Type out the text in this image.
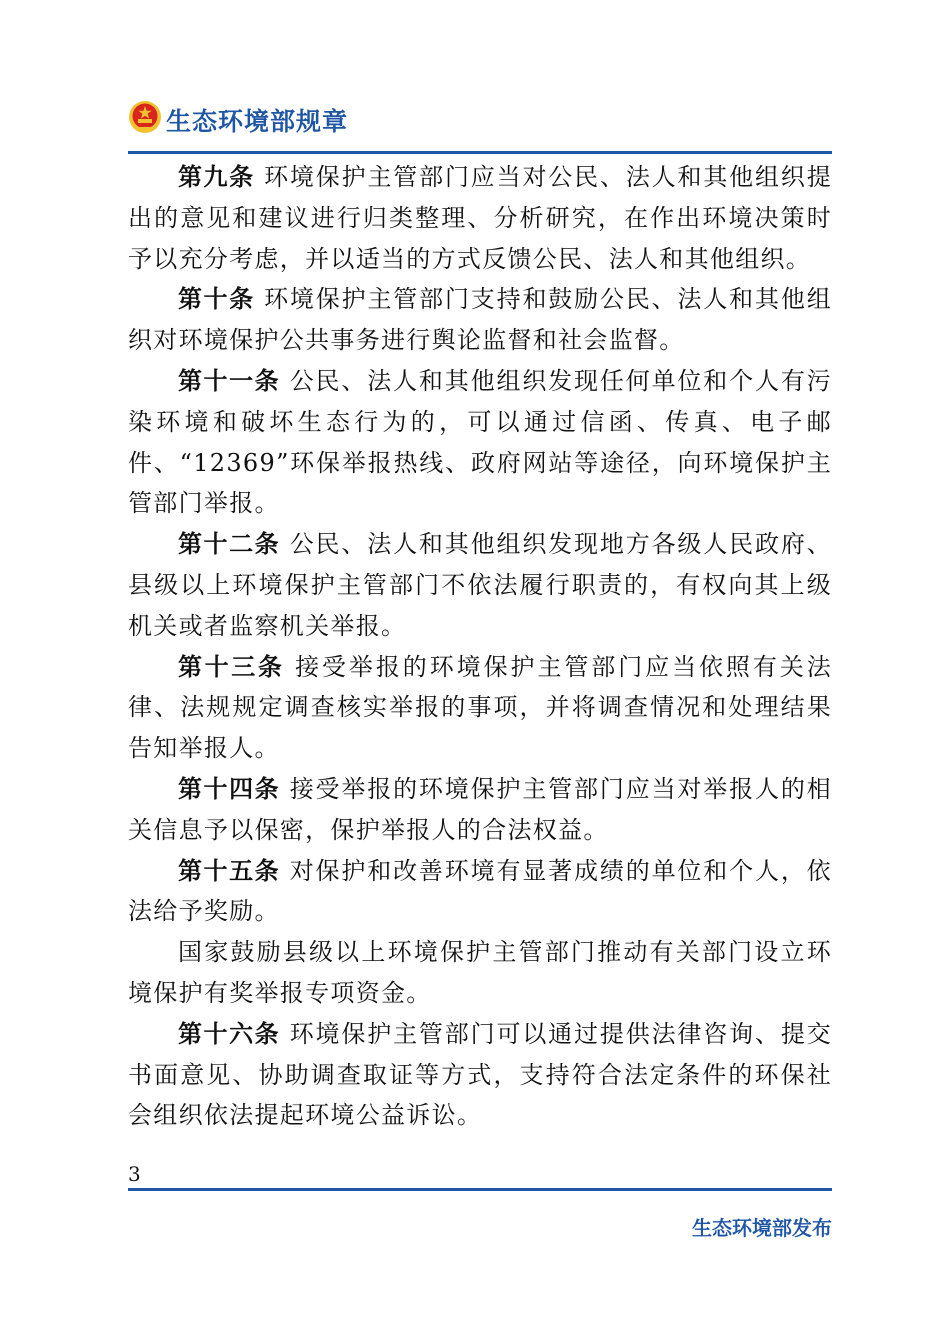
生态环境部规章

第九条 环境保护主管部门应当对公民、法人和其他组织提出的意见和建议进行归类整理、分析研究，在作出环境决策时予以充分考虑，并以适当的方式反馈公民、法人和其他组织。

第十条 环境保护主管部门支持和鼓励公民、法人和其他组织对环境保护公共事务进行舆论监督和社会监督。

第十一条 公民、法人和其他组织发现任何单位和个人有污染环境和破坏生态行为的，可以通过信函、传真、电子邮件、“12369”环保举报热线、政府网站等途径，向环境保护主管部门举报。

第十二条 公民、法人和其他组织发现地方各级人民政府、县级以上环境保护主管部门不依法履行职责的，有权向其上级机关或者监察机关举报。

第十三条 接受举报的环境保护主管部门应当依照有关法律、法规规定调查核实举报的事项，并将调查情况和处理结果告知举报人。

第十四条 接受举报的环境保护主管部门应当对举报人的相关信息予以保密，保护举报人的合法权益。

第十五条 对保护和改善环境有显著成绩的单位和个人，依法给予奖励。

国家鼓励县级以上环境保护主管部门推动有关部门设立环境保护有奖举报专项资金。

第十六条 环境保护主管部门可以通过提供法律咨询、提交书面意见、协助调查取证等方式，支持符合法定条件的环保社会组织依法提起环境公益诉讼。

3
生态环境部发布
